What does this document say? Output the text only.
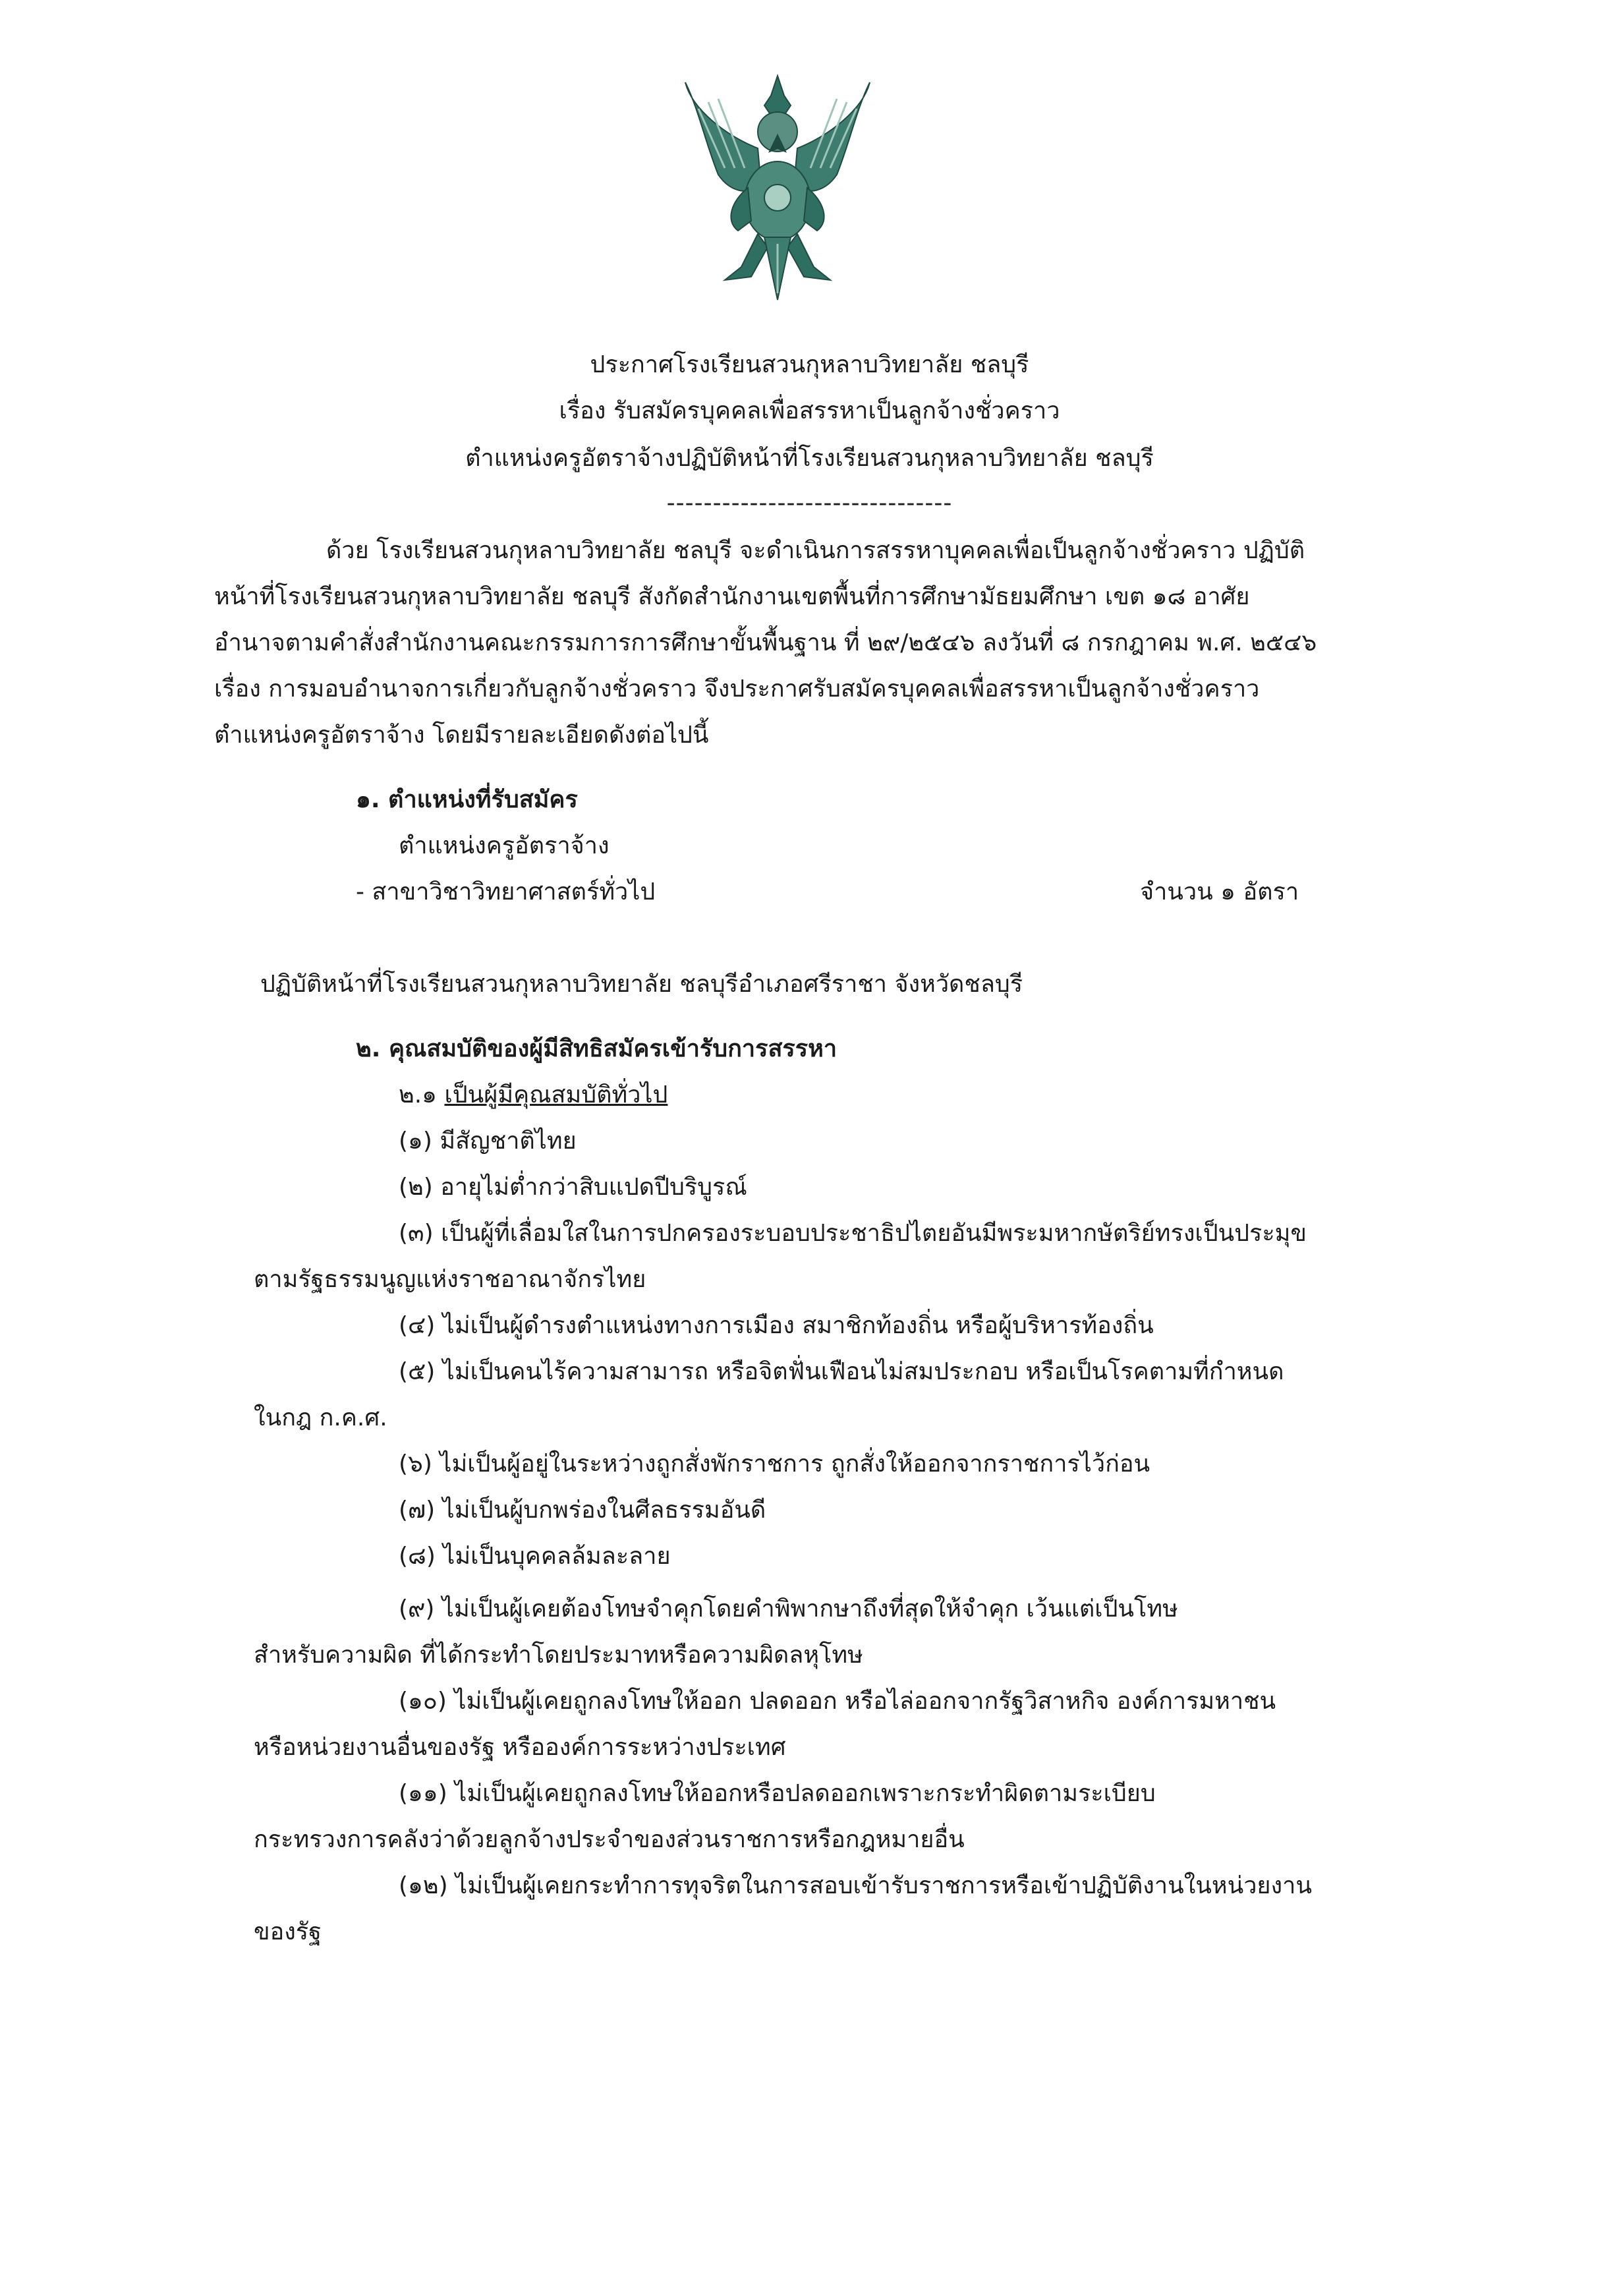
ประกาศโรงเรียนสวนกุหลาบวิทยาลัย ชลบุรี

เรื่อง รับสมัครบุคคลเพื่อสรรหาเป็นลูกจ้างชั่วคราว

ตำแหน่งครูอัตราจ้างปฏิบัติหน้าที่โรงเรียนสวนกุหลาบวิทยาลัย ชลบุรี

-------------------------------

ด้วย โรงเรียนสวนกุหลาบวิทยาลัย ชลบุรี จะดำเนินการสรรหาบุคคลเพื่อเป็นลูกจ้างชั่วคราว ปฏิบัติ

หน้าที่โรงเรียนสวนกุหลาบวิทยาลัย ชลบุรี สังกัดสำนักงานเขตพื้นที่การศึกษามัธยมศึกษา เขต ๑๘ อาศัย

อำนาจตามคำสั่งสำนักงานคณะกรรมการการศึกษาขั้นพื้นฐาน ที่ ๒๙/๒๕๔๖ ลงวันที่ ๘ กรกฎาคม พ.ศ. ๒๕๔๖

เรื่อง การมอบอำนาจการเกี่ยวกับลูกจ้างชั่วคราว จึงประกาศรับสมัครบุคคลเพื่อสรรหาเป็นลูกจ้างชั่วคราว

ตำแหน่งครูอัตราจ้าง โดยมีรายละเอียดดังต่อไปนี้

๑. ตำแหน่งที่รับสมัคร

ตำแหน่งครูอัตราจ้าง

- สาขาวิชาวิทยาศาสตร์ทั่วไป	จำนวน ๑ อัตรา

ปฏิบัติหน้าที่โรงเรียนสวนกุหลาบวิทยาลัย ชลบุรีอำเภอศรีราชา จังหวัดชลบุรี

๒. คุณสมบัติของผู้มีสิทธิสมัครเข้ารับการสรรหา

๒.๑ เป็นผู้มีคุณสมบัติทั่วไป

(๑) มีสัญชาติไทย

(๒) อายุไม่ต่ำกว่าสิบแปดปีบริบูรณ์

(๓) เป็นผู้ที่เลื่อมใสในการปกครองระบอบประชาธิปไตยอันมีพระมหากษัตริย์ทรงเป็นประมุข

ตามรัฐธรรมนูญแห่งราชอาณาจักรไทย

(๔) ไม่เป็นผู้ดำรงตำแหน่งทางการเมือง สมาชิกท้องถิ่น หรือผู้บริหารท้องถิ่น

(๕) ไม่เป็นคนไร้ความสามารถ หรือจิตฟั่นเฟือนไม่สมประกอบ หรือเป็นโรคตามที่กำหนด

ในกฎ ก.ค.ศ.

(๖) ไม่เป็นผู้อยู่ในระหว่างถูกสั่งพักราชการ ถูกสั่งให้ออกจากราชการไว้ก่อน

(๗) ไม่เป็นผู้บกพร่องในศีลธรรมอันดี

(๘) ไม่เป็นบุคคลล้มละลาย

(๙) ไม่เป็นผู้เคยต้องโทษจำคุกโดยคำพิพากษาถึงที่สุดให้จำคุก เว้นแต่เป็นโทษ

สำหรับความผิด ที่ได้กระทำโดยประมาทหรือความผิดลหุโทษ

(๑๐) ไม่เป็นผู้เคยถูกลงโทษให้ออก ปลดออก หรือไล่ออกจากรัฐวิสาหกิจ องค์การมหาชน

หรือหน่วยงานอื่นของรัฐ หรือองค์การระหว่างประเทศ

(๑๑) ไม่เป็นผู้เคยถูกลงโทษให้ออกหรือปลดออกเพราะกระทำผิดตามระเบียบ

กระทรวงการคลังว่าด้วยลูกจ้างประจำของส่วนราชการหรือกฎหมายอื่น

(๑๒) ไม่เป็นผู้เคยกระทำการทุจริตในการสอบเข้ารับราชการหรือเข้าปฏิบัติงานในหน่วยงาน

ของรัฐ
